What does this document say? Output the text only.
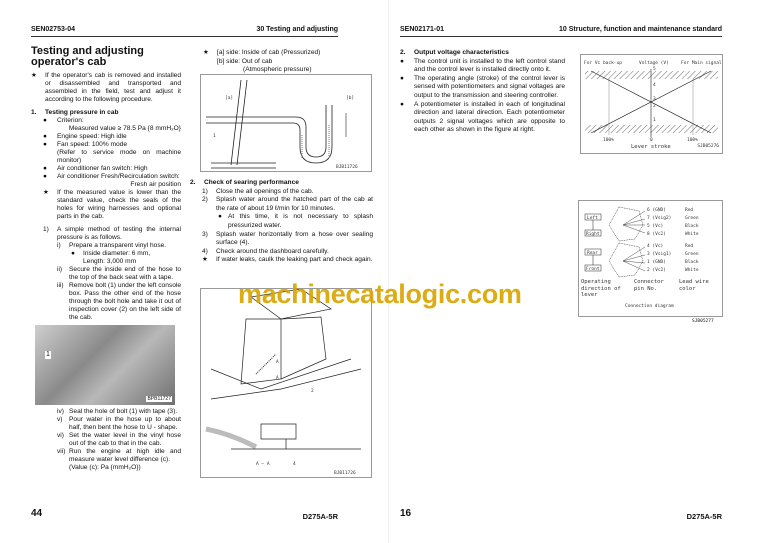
SEN02753-04	30 Testing and adjusting
Testing and adjusting operator's cab
★ If the operator's cab is removed and installed or disassembled and transported and assembled in the field, test and adjust it according to the following procedure.
1. Testing pressure in cab
● Criterion:
Measured value ≥ 78.5 Pa {8 mmH₂O}
● Engine speed: High idle
● Fan speed: 100% mode
(Refer to service mode on machine monitor)
● Air conditioner fan switch: High
● Air conditioner Fresh/Recirculation switch:
Fresh air position
★ If the measured value is lower than the standard value, check the seals of the holes for wiring harnesses and optional parts in the cab.
1) A simple method of testing the internal pressure is as follows.
i) Prepare a transparent vinyl hose.
● Inside diameter: 6 mm,
Length: 3,000 mm
ii) Secure the inside end of the hose to the top of the back seat with a tape.
iii) Remove bolt (1) under the left console box. Pass the other end of the hose through the bolt hole and take it out of inspection cover (2) on the left side of the cab.
1
BPB11727
iv) Seal the hole of bolt (1) with tape (3).
v) Pour water in the hose up to about half, then bent the hose to U - shape.
vi) Set the water level in the vinyl hose out of the cab to that in the cab.
vii) Run the engine at high idle and measure water level difference (c).
(Value (c): Pa {mmH₂O})
★ [a] side: Inside of cab (Pressurized)
[b] side: Out of cab
(Atmospheric pressure)
[a]	[b]
1
BJB11726
2. Check of searing performance
1) Close the all openings of the cab.
2) Splash water around the hatched part of the cab at the rate of about 19 ℓ/min for 10 minutes.
● At this time, it is not necessary to splash pressurized water.
3) Splash water horizontally from a hose over sealing surface (4).
4) Check around the dashboard carefully.
★ If water leaks, caulk the leaking part and check again.
A
A
2
A – A	4
BJB11726
44	D275A-5R
SEN02171-01	10 Structure, function and maintenance standard
2. Output voltage characteristics
● The control unit is installed to the left control stand and the control lever is installed directly onto it.
● The operating angle (stroke) of the control lever is sensed with potentiometers and signal voltages are output to the transmission and steering controller.
● A potentiometer is installed in each of longitudinal direction and lateral direction. Each potentiometer outputs 2 signal voltages which are opposite to each other as shown in the figure at right.
For Vc back-up	Voltage (V)	For Main signal
5
4
3
2
1
100%	0	100%
Lever stroke	SJB05276
Left
Right
6 (GND)
7 (Vsig2)
5 (Vc)
8 (Vc2)
Red
Green
Black
White
Rear
Front
4 (Vc)
3 (Vsig1)
1 (GND)
2 (Vc2)
Red
Green
Black
White
Connection diagram
Operating direction of lever
Connector pin No.
Lead wire color
SJB05277
16	D275A-5R
machinecatalogic.com
